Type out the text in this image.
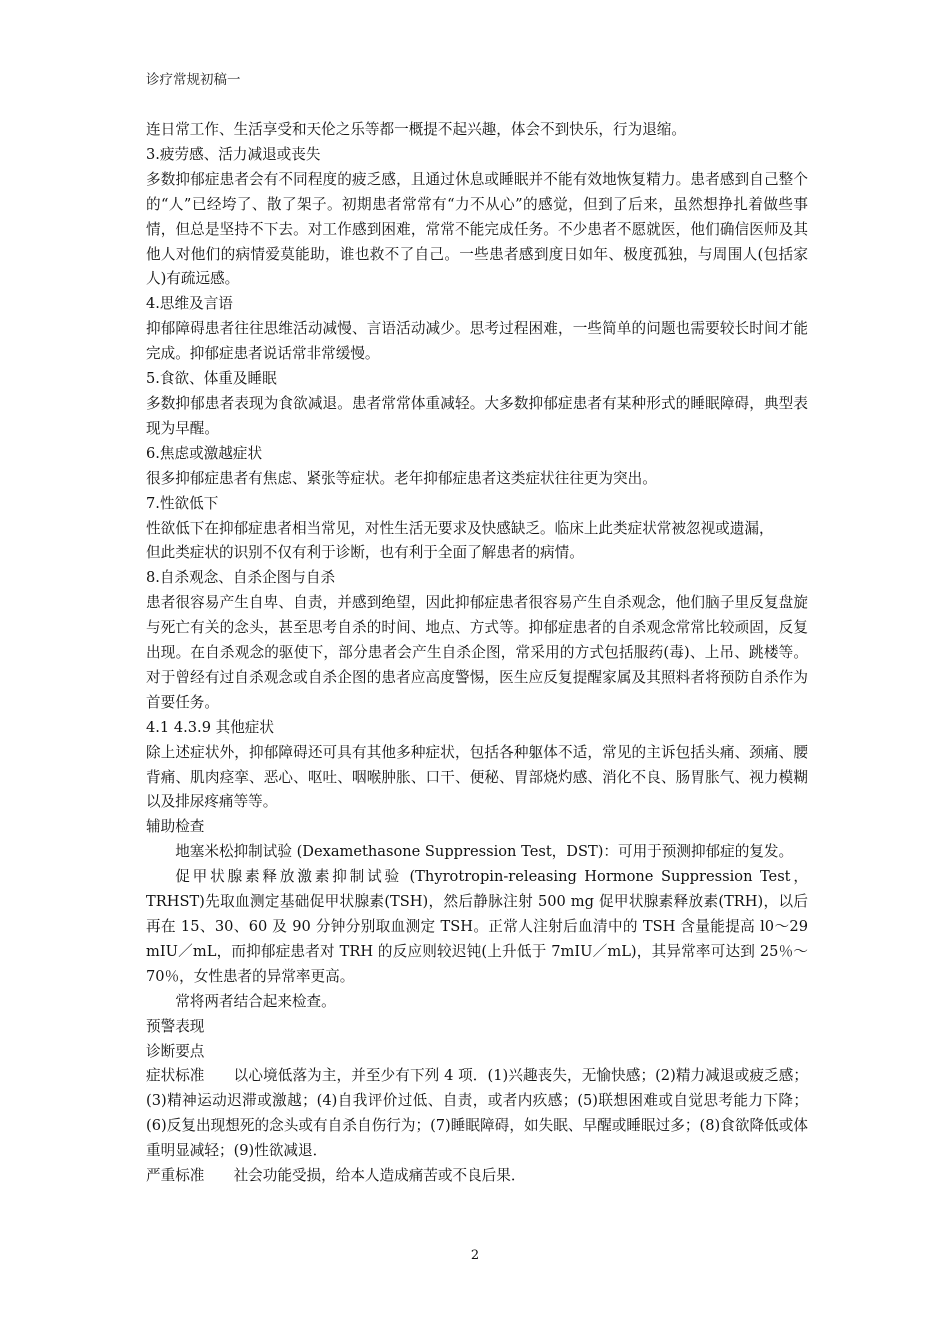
诊疗常规初稿一

连日常工作、生活享受和天伦之乐等都一概提不起兴趣，体会不到快乐，行为退缩。

3.疲劳感、活力减退或丧失

多数抑郁症患者会有不同程度的疲乏感，且通过休息或睡眠并不能有效地恢复精力。患者感到自己整个的“人”已经垮了、散了架子。初期患者常常有“力不从心”的感觉，但到了后来，虽然想挣扎着做些事情，但总是坚持不下去。对工作感到困难，常常不能完成任务。不少患者不愿就医，他们确信医师及其他人对他们的病情爱莫能助，谁也救不了自己。一些患者感到度日如年、极度孤独，与周围人(包括家人)有疏远感。

4.思维及言语

抑郁障碍患者往往思维活动减慢、言语活动减少。思考过程困难，一些简单的问题也需要较长时间才能完成。抑郁症患者说话常非常缓慢。

5.食欲、体重及睡眠

多数抑郁患者表现为食欲减退。患者常常体重减轻。大多数抑郁症患者有某种形式的睡眠障碍，典型表现为早醒。

6.焦虑或激越症状

很多抑郁症患者有焦虑、紧张等症状。老年抑郁症患者这类症状往往更为突出。

7.性欲低下

性欲低下在抑郁症患者相当常见，对性生活无要求及快感缺乏。临床上此类症状常被忽视或遗漏，

但此类症状的识别不仅有利于诊断，也有利于全面了解患者的病情。

8.自杀观念、自杀企图与自杀

患者很容易产生自卑、自责，并感到绝望，因此抑郁症患者很容易产生自杀观念，他们脑子里反复盘旋与死亡有关的念头，甚至思考自杀的时间、地点、方式等。抑郁症患者的自杀观念常常比较顽固，反复出现。在自杀观念的驱使下，部分患者会产生自杀企图，常采用的方式包括服药(毒)、上吊、跳楼等。对于曾经有过自杀观念或自杀企图的患者应高度警惕，医生应反复提醒家属及其照料者将预防自杀作为首要任务。

4.1 4.3.9 其他症状

除上述症状外，抑郁障碍还可具有其他多种症状，包括各种躯体不适，常见的主诉包括头痛、颈痛、腰背痛、肌肉痉挛、恶心、呕吐、咽喉肿胀、口干、便秘、胃部烧灼感、消化不良、肠胃胀气、视力模糊以及排尿疼痛等等。

辅助检查

地塞米松抑制试验 (Dexamethasone Suppression Test，DST)：可用于预测抑郁症的复发。

促甲状腺素释放激素抑制试验 (Thyrotropin-releasing Hormone Suppression Test，TRHST)先取血测定基础促甲状腺素(TSH)，然后静脉注射 500 mg 促甲状腺素释放素(TRH)，以后再在 15、30、60 及 90 分钟分别取血测定 TSH。正常人注射后血清中的 TSH 含量能提高 l0～29 mIU／mL，而抑郁症患者对 TRH 的反应则较迟钝(上升低于 7mIU／mL)，其异常率可达到 25％～70％，女性患者的异常率更高。

常将两者结合起来检查。

预警表现

诊断要点

症状标准 以心境低落为主，并至少有下列 4 项．(1)兴趣丧失，无愉快感；(2)精力减退或疲乏感；(3)精神运动迟滞或激越；(4)自我评价过低、自责，或者内疚感；(5)联想困难或自觉思考能力下降；(6)反复出现想死的念头或有自杀自伤行为；(7)睡眠障碍，如失眠、早醒或睡眠过多；(8)食欲降低或体重明显减轻；(9)性欲减退．

严重标准 社会功能受损，给本人造成痛苦或不良后果．

2
